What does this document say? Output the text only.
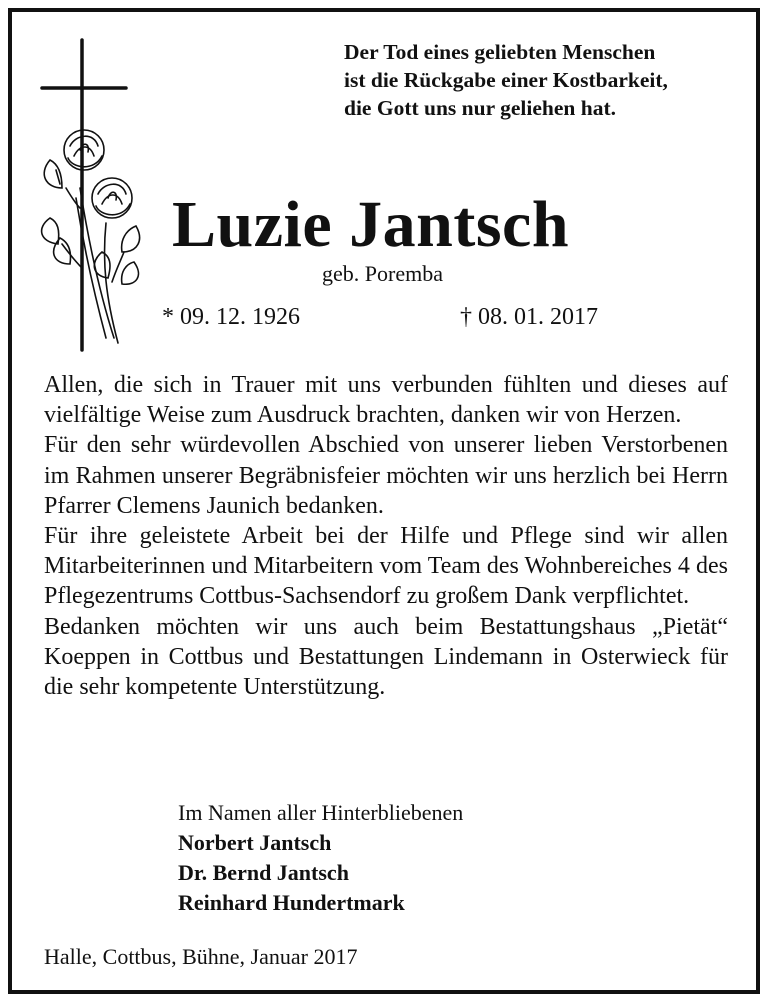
Der Tod eines geliebten Menschen
ist die Rückgabe einer Kostbarkeit,
die Gott uns nur geliehen hat.
Luzie Jantsch
geb. Poremba
* 09. 12. 1926	† 08. 01. 2017

Allen, die sich in Trauer mit uns verbunden fühlten und dieses auf vielfältige Weise zum Ausdruck brachten, danken wir von Herzen.

Für den sehr würdevollen Abschied von unserer lieben Verstorbenen im Rahmen unserer Begräbnisfeier möchten wir uns herzlich bei Herrn Pfarrer Clemens Jaunich bedanken.

Für ihre geleistete Arbeit bei der Hilfe und Pflege sind wir allen Mitarbeiterinnen und Mitarbeitern vom Team des Wohnbereiches 4 des Pflegezentrums Cottbus-Sachsendorf zu großem Dank verpflichtet.

Bedanken möchten wir uns auch beim Bestattungshaus „Pietät“ Koeppen in Cottbus und Bestattungen Lindemann in Osterwieck für die sehr kompetente Unterstützung.

Im Namen aller Hinterbliebenen
Norbert Jantsch
Dr. Bernd Jantsch
Reinhard Hundertmark
Halle, Cottbus, Bühne, Januar 2017
